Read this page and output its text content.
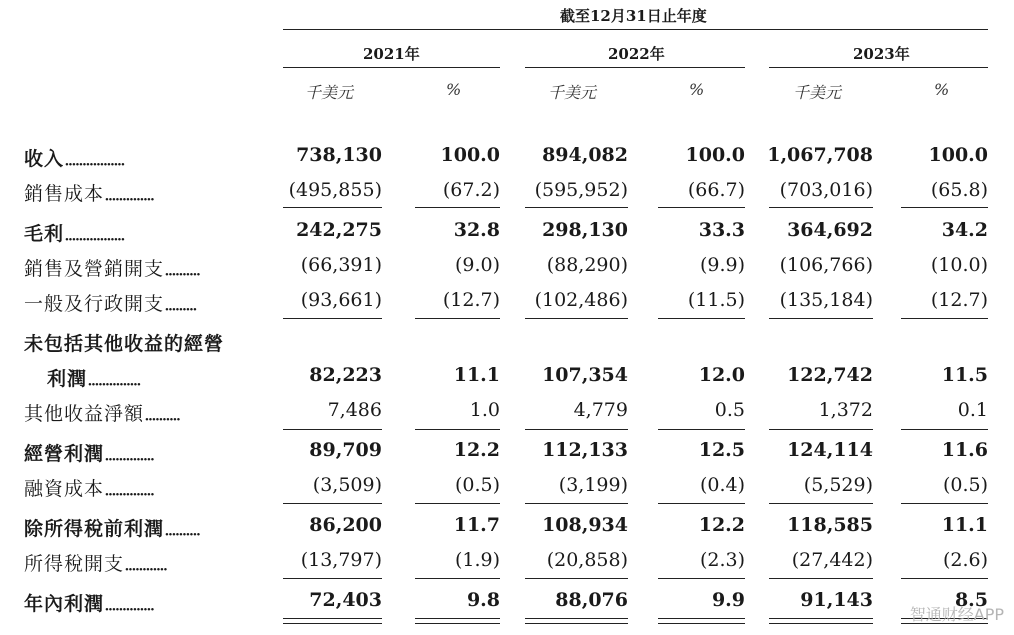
截至12月31日止年度
2021年	2022年	2023年
千美元	%	千美元	%	千美元	%
收入．．．．．．．．．．．．．．．．．	738,130	100.0	894,082	100.0	1,067,708	100.0
銷售成本．．．．．．．．．．．．．．	(495,855)	(67.2)	(595,952)	(66.7)	(703,016)	(65.8)
毛利．．．．．．．．．．．．．．．．．	242,275	32.8	298,130	33.3	364,692	34.2
銷售及營銷開支．．．．．．．．．．	(66,391)	(9.0)	(88,290)	(9.9)	(106,766)	(10.0)
一般及行政開支．．．．．．．．．	(93,661)	(12.7)	(102,486)	(11.5)	(135,184)	(12.7)
未包括其他收益的經營
利潤．．．．．．．．．．．．．．．	82,223	11.1	107,354	12.0	122,742	11.5
其他收益淨額．．．．．．．．．．	7,486	1.0	4,779	0.5	1,372	0.1
經營利潤．．．．．．．．．．．．．．	89,709	12.2	112,133	12.5	124,114	11.6
融資成本．．．．．．．．．．．．．．	(3,509)	(0.5)	(3,199)	(0.4)	(5,529)	(0.5)
除所得稅前利潤．．．．．．．．．．	86,200	11.7	108,934	12.2	118,585	11.1
所得稅開支．．．．．．．．．．．．	(13,797)	(1.9)	(20,858)	(2.3)	(27,442)	(2.6)
年內利潤．．．．．．．．．．．．．．	72,403	9.8	88,076	9.9	91,143	8.5
智通财经APP
